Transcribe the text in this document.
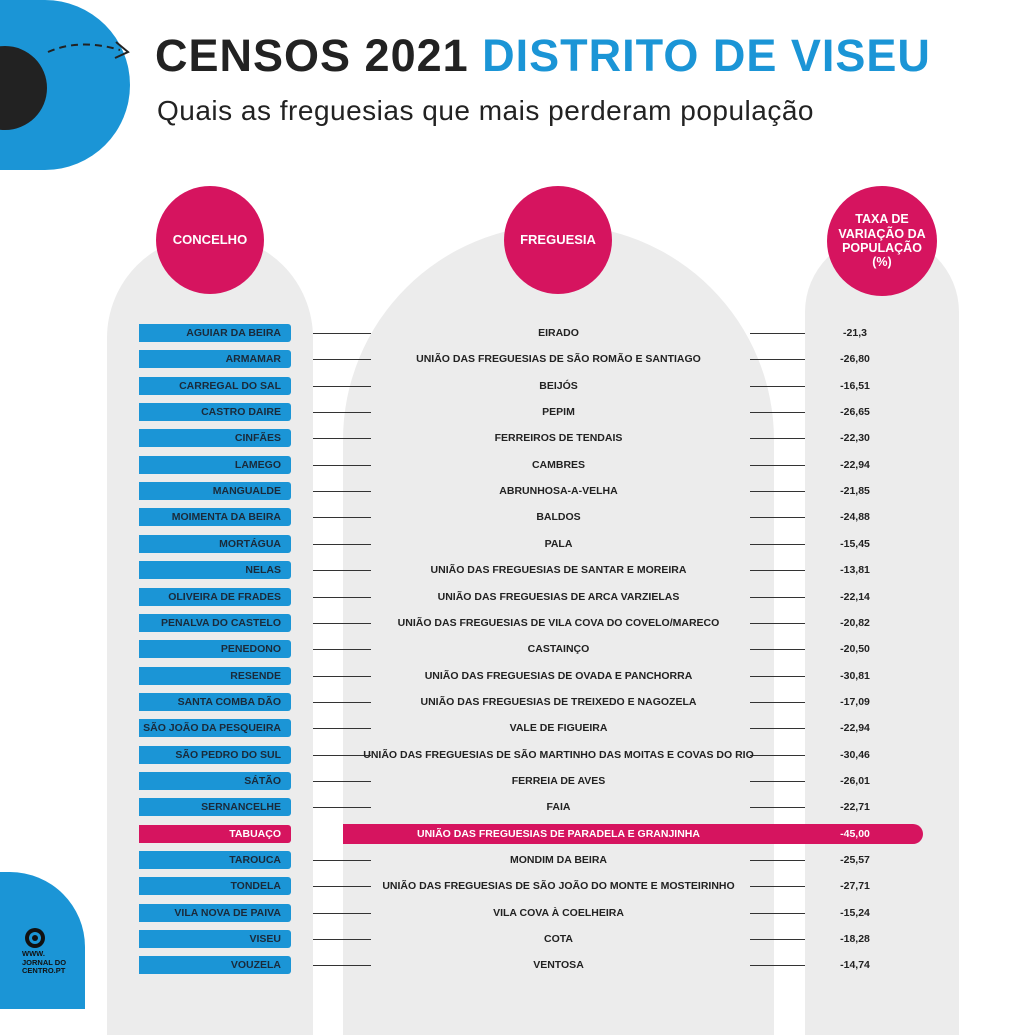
WWW.
JORNAL DO
CENTRO.PT
CENSOS 2021 DISTRITO DE VISEU
Quais as freguesias que mais perderam população
CONCELHO	FREGUESIA
TAXA DE
VARIAÇÃO DA
POPULAÇÃO
(%)
AGUIAR DA BEIRA	EIRADO	-21,3
ARMAMAR	UNIÃO DAS FREGUESIAS DE SÃO ROMÃO E SANTIAGO	-26,80
CARREGAL DO SAL	BEIJÓS	-16,51
CASTRO DAIRE	PEPIM	-26,65
CINFÃES	FERREIROS DE TENDAIS	-22,30
LAMEGO	CAMBRES	-22,94
MANGUALDE	ABRUNHOSA-A-VELHA	-21,85
MOIMENTA DA BEIRA	BALDOS	-24,88
MORTÁGUA	PALA	-15,45
NELAS	UNIÃO DAS FREGUESIAS DE SANTAR E MOREIRA	-13,81
OLIVEIRA DE FRADES	UNIÃO DAS FREGUESIAS DE ARCA VARZIELAS	-22,14
PENALVA DO CASTELO	UNIÃO DAS FREGUESIAS DE VILA COVA DO COVELO/MARECO	-20,82
PENEDONO	CASTAINÇO	-20,50
RESENDE	UNIÃO DAS FREGUESIAS DE OVADA E PANCHORRA	-30,81
SANTA COMBA DÃO	UNIÃO DAS FREGUESIAS DE TREIXEDO E NAGOZELA	-17,09
SÃO JOÃO DA PESQUEIRA	VALE DE FIGUEIRA	-22,94
SÃO PEDRO DO SUL	UNIÃO DAS FREGUESIAS DE SÃO MARTINHO DAS MOITAS E COVAS DO RIO	-30,46
SÁTÃO	FERREIA DE AVES	-26,01
SERNANCELHE	FAIA	-22,71
TABUAÇO	UNIÃO DAS FREGUESIAS DE PARADELA E GRANJINHA	-45,00
TAROUCA	MONDIM DA BEIRA	-25,57
TONDELA	UNIÃO DAS FREGUESIAS DE SÃO JOÃO DO MONTE E MOSTEIRINHO	-27,71
VILA NOVA DE PAIVA	VILA COVA À COELHEIRA	-15,24
VISEU	COTA	-18,28
VOUZELA	VENTOSA	-14,74
